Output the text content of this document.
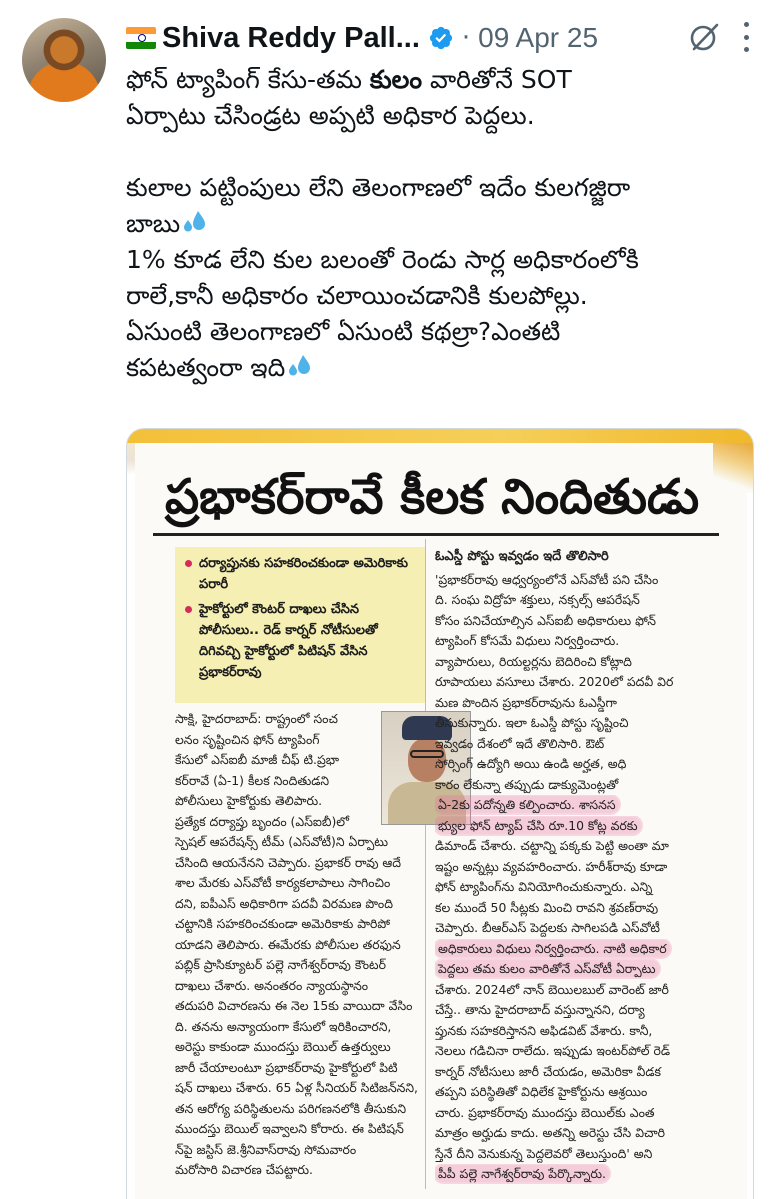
Shiva Reddy Pall... · 09 Apr 25

ఫోన్ ట్యాపింగ్ కేసు-తమ కులం వారితోనే SOT

ఏర్పాటు చేసిండ్రట అప్పటి అధికార పెద్దలు.

కులాల పట్టింపులు లేని తెలంగాణలో ఇదేం కులగజ్జిరా

బాబు

1% కూడ లేని కుల బలంతో రెండు సార్ల అధికారంలోకి

రాలే,కానీ అధికారం చలాయించడానికి కులపోల్లు.

ఏసుంటి తెలంగాణలో ఏసుంటి కథల్రా?ఎంతటి

కపటత్వంరా ఇది

ప్రభాకర్‌రావే కీలక నిందితుడు
దర్యాప్తునకు సహకరించకుండా అమెరికాకు పరారీ
హైకోర్టులో కౌంటర్ దాఖలు చేసిన పోలీసులు.. రెడ్ కార్నర్ నోటీసులతో దిగివచ్చి హైకోర్టులో పిటిషన్ వేసిన ప్రభాకర్‌రావు
సాక్షి, హైదరాబాద్: రాష్ట్రంలో సంచ
లనం సృష్టించిన ఫోన్ ట్యాపింగ్
కేసులో ఎస్ఐబీ మాజీ చీఫ్ టి.ప్రభా
కర్‌రావే (ఏ-1) కీలక నిందితుడని
పోలీసులు హైకోర్టుకు తెలిపారు.
ప్రత్యేక దర్యాప్తు బృందం (ఎస్ఐబీ)లో
స్పెషల్ ఆపరేషన్స్ టీమ్ (ఎస్‌వోటీ)ని ఏర్పాటు
చేసింది ఆయనేనని చెప్పారు. ప్రభాకర్ రావు ఆదే
శాల మేరకు ఎస్‌వోటీ కార్యకలాపాలు సాగించిం
దని, ఐపీఎస్ అధికారిగా పదవీ విరమణ పొంది
చట్టానికి సహకరించకుండా అమెరికాకు పారిపో
యాడని తెలిపారు. ఈమేరకు పోలీసుల తరఫున
పబ్లిక్ ప్రాసిక్యూటర్ పల్లె నాగేశ్వర్‌రావు కౌంటర్
దాఖలు చేశారు. అనంతరం న్యాయస్థానం
తదుపరి విచారణను ఈ నెల 15కు వాయిదా వేసిం
ది. తనను అన్యాయంగా కేసులో ఇరికించారని,
అరెస్టు కాకుండా ముందస్తు బెయిల్ ఉత్తర్వులు
జారీ చేయాలంటూ ప్రభాకర్‌రావు హైకోర్టులో పిటి
షన్ దాఖలు చేశారు. 65 ఏళ్ల సీనియర్ సిటిజన్‌నని,
తన ఆరోగ్య పరిస్థితులను పరిగణనలోకి తీసుకుని
ముందస్తు బెయిల్ ఇవ్వాలని కోరారు. ఈ పిటిషన్
న్‌పై జస్టిస్ జె.శ్రీనివాస్‌రావు సోమవారం
మరోసారి విచారణ చేపట్టారు.
ఓఎస్డీ పోస్టు ఇవ్వడం ఇదే తొలిసారి
'ప్రభాకర్‌రావు ఆధ్వర్యంలోనే ఎస్‌వోటీ పని చేసిం
ది. సంఘ విద్రోహ శక్తులు, నక్సల్స్ ఆపరేషన్
కోసం పనిచేయాల్సిన ఎస్ఐబీ అధికారులు ఫోన్
ట్యాపింగ్ కోసమే విధులు నిర్వర్తించారు.
వ్యాపారులు, రియల్టర్లను బెదిరించి కోట్లాది
రూపాయలు వసూలు చేశారు. 2020లో పదవీ విర
మణ పొందిన ప్రభాకర్‌రావును ఓఎస్డీగా
తీసుకున్నారు. ఇలా ఓఎస్డీ పోస్టు సృష్టించి
ఇవ్వడం దేశంలో ఇదే తొలిసారి. ఔట్
సోర్సింగ్ ఉద్యోగి అయి ఉండి అర్హత, అధి
కారం లేకున్నా తప్పుడు డాక్యుమెంట్లతో
ఏ-2కు పదోన్నతి కల్పించారు. శాసనస
భ్యుల ఫోన్ ట్యాప్ చేసి రూ.10 కోట్ల వరకు
డిమాండ్ చేశారు. చట్టాన్ని పక్కకు పెట్టి అంతా మా
ఇష్టం అన్నట్లు వ్యవహరించారు. హరీశ్‌రావు కూడా
ఫోన్ ట్యాపింగ్‌ను వినియోగించుకున్నారు. ఎన్ని
కల ముందే 50 సీట్లకు మించి రావని శ్రవణ్‌రావు
చెప్పారు. బీఆర్ఎస్ పెద్దలకు సాగిలపడి ఎస్‌వోటీ
అధికారులు విధులు నిర్వర్తించారు. నాటి అధికార
పెద్దలు తమ కులం వారితోనే ఎస్‌వోటీ ఏర్పాటు
చేశారు. 2024లో నాన్ బెయిలబుల్ వారెంట్ జారీ
చేస్తే.. తాను హైదరాబాద్ వస్తున్నానని, దర్యా
ప్తునకు సహకరిస్తానని అఫిడవిట్ వేశారు. కానీ,
నెలలు గడిచినా రాలేదు. ఇప్పుడు ఇంటర్‌పోల్ రెడ్
కార్నర్ నోటీసులు జారీ చేయడం, అమెరికా వీడక
తప్పని పరిస్థితితో విధిలేక హైకోర్టును ఆశ్రయిం
చారు. ప్రభాకర్‌రావు ముందస్తు బెయిల్‌కు ఎంత
మాత్రం అర్హుడు కాదు. అతన్ని అరెస్టు చేసి విచారి
స్తేనే దీని వెనుకున్న పెద్దలెవరో తెలుస్తుంది' అని
పీపీ పల్లె నాగేశ్వర్‌రావు పేర్కొన్నారు.
